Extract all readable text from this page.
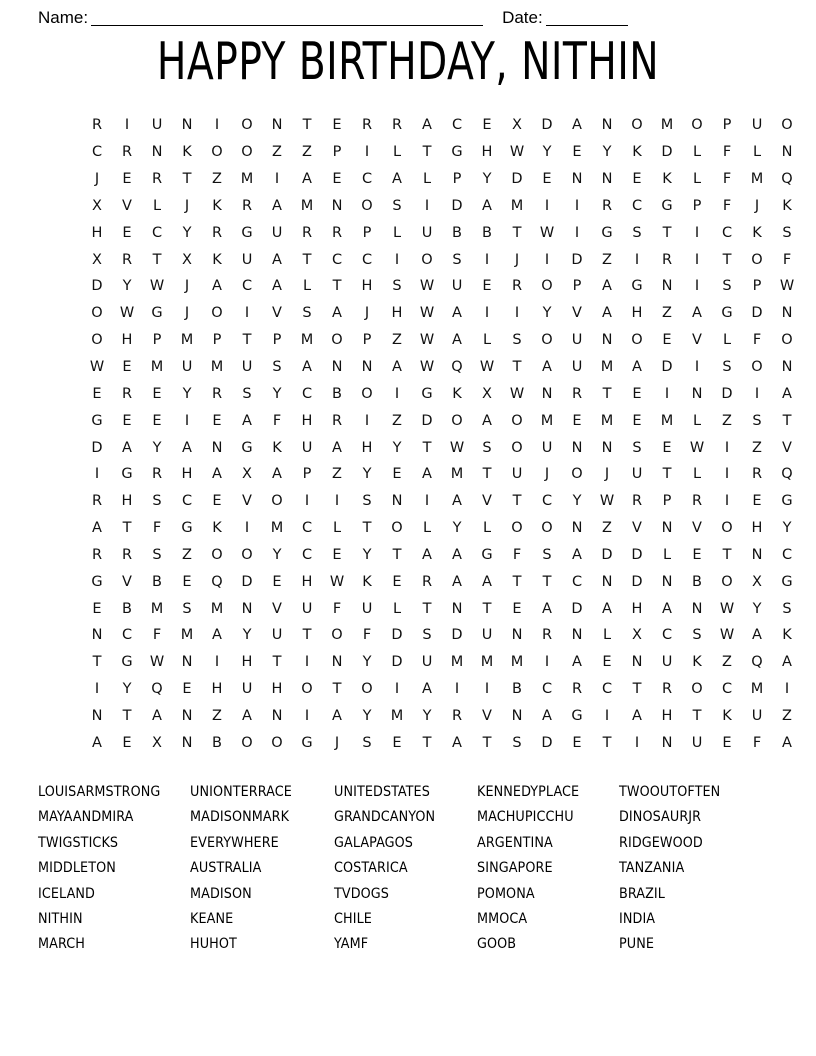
Name:	Date:
HAPPY BIRTHDAY, NITHIN
R	I	U	N	I	O	N	T	E	R	R	A	C	E	X	D	A	N	O	M	O	P	U	O
C	R	N	K	O	O	Z	Z	P	I	L	T	G	H	W	Y	E	Y	K	D	L	F	L	N
J	E	R	T	Z	M	I	A	E	C	A	L	P	Y	D	E	N	N	E	K	L	F	M	Q
X	V	L	J	K	R	A	M	N	O	S	I	D	A	M	I	I	R	C	G	P	F	J	K
H	E	C	Y	R	G	U	R	R	P	L	U	B	B	T	W	I	G	S	T	I	C	K	S
X	R	T	X	K	U	A	T	C	C	I	O	S	I	J	I	D	Z	I	R	I	T	O	F
D	Y	W	J	A	C	A	L	T	H	S	W	U	E	R	O	P	A	G	N	I	S	P	W
O	W	G	J	O	I	V	S	A	J	H	W	A	I	I	Y	V	A	H	Z	A	G	D	N
O	H	P	M	P	T	P	M	O	P	Z	W	A	L	S	O	U	N	O	E	V	L	F	O
W	E	M	U	M	U	S	A	N	N	A	W	Q	W	T	A	U	M	A	D	I	S	O	N
E	R	E	Y	R	S	Y	C	B	O	I	G	K	X	W	N	R	T	E	I	N	D	I	A
G	E	E	I	E	A	F	H	R	I	Z	D	O	A	O	M	E	M	E	M	L	Z	S	T
D	A	Y	A	N	G	K	U	A	H	Y	T	W	S	O	U	N	N	S	E	W	I	Z	V
I	G	R	H	A	X	A	P	Z	Y	E	A	M	T	U	J	O	J	U	T	L	I	R	Q
R	H	S	C	E	V	O	I	I	S	N	I	A	V	T	C	Y	W	R	P	R	I	E	G
A	T	F	G	K	I	M	C	L	T	O	L	Y	L	O	O	N	Z	V	N	V	O	H	Y
R	R	S	Z	O	O	Y	C	E	Y	T	A	A	G	F	S	A	D	D	L	E	T	N	C
G	V	B	E	Q	D	E	H	W	K	E	R	A	A	T	T	C	N	D	N	B	O	X	G
E	B	M	S	M	N	V	U	F	U	L	T	N	T	E	A	D	A	H	A	N	W	Y	S
N	C	F	M	A	Y	U	T	O	F	D	S	D	U	N	R	N	L	X	C	S	W	A	K
T	G	W	N	I	H	T	I	N	Y	D	U	M	M	M	I	A	E	N	U	K	Z	Q	A
I	Y	Q	E	H	U	H	O	T	O	I	A	I	I	B	C	R	C	T	R	O	C	M	I
N	T	A	N	Z	A	N	I	A	Y	M	Y	R	V	N	A	G	I	A	H	T	K	U	Z
A	E	X	N	B	O	O	G	J	S	E	T	A	T	S	D	E	T	I	N	U	E	F	A
LOUISARMSTRONG
MAYAANDMIRA
TWIGSTICKS
MIDDLETON
ICELAND
NITHIN
MARCH
UNIONTERRACE
MADISONMARK
EVERYWHERE
AUSTRALIA
MADISON
KEANE
HUHOT
UNITEDSTATES
GRANDCANYON
GALAPAGOS
COSTARICA
TVDOGS
CHILE
YAMF
KENNEDYPLACE
MACHUPICCHU
ARGENTINA
SINGAPORE
POMONA
MMOCA
GOOB
TWOOUTOFTEN
DINOSAURJR
RIDGEWOOD
TANZANIA
BRAZIL
INDIA
PUNE
